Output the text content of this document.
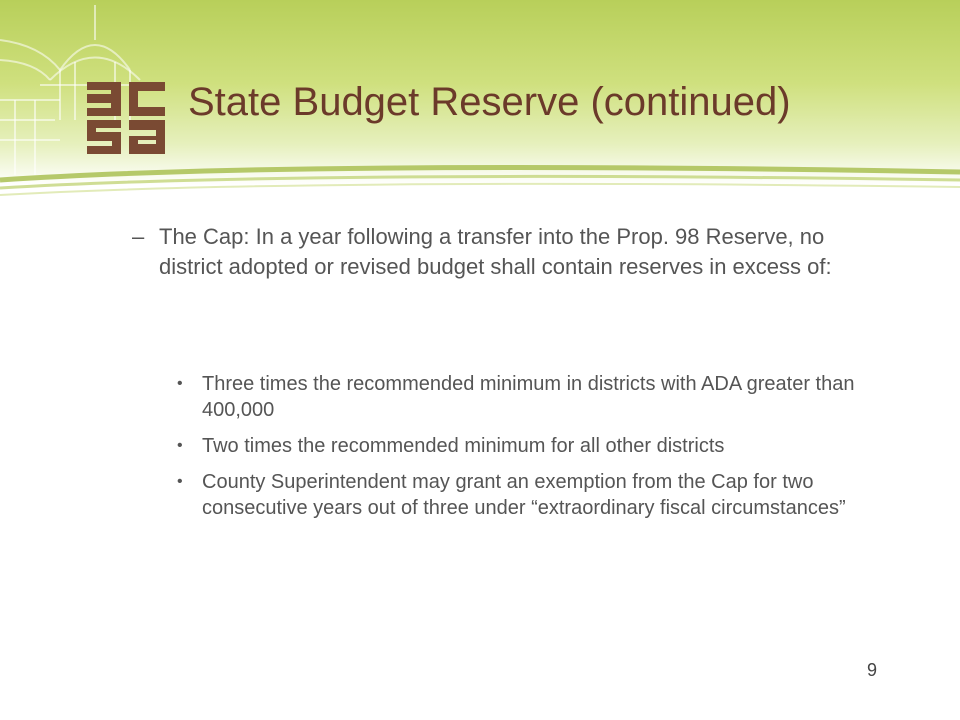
State Budget Reserve (continued)
– The Cap: In a year following a transfer into the Prop. 98 Reserve, no district adopted or revised budget shall contain reserves in excess of:
• Three times the recommended minimum in districts with ADA greater than 400,000
• Two times the recommended minimum for all other districts
• County Superintendent may grant an exemption from the Cap for two consecutive years out of three under “extraordinary fiscal circumstances”
9
